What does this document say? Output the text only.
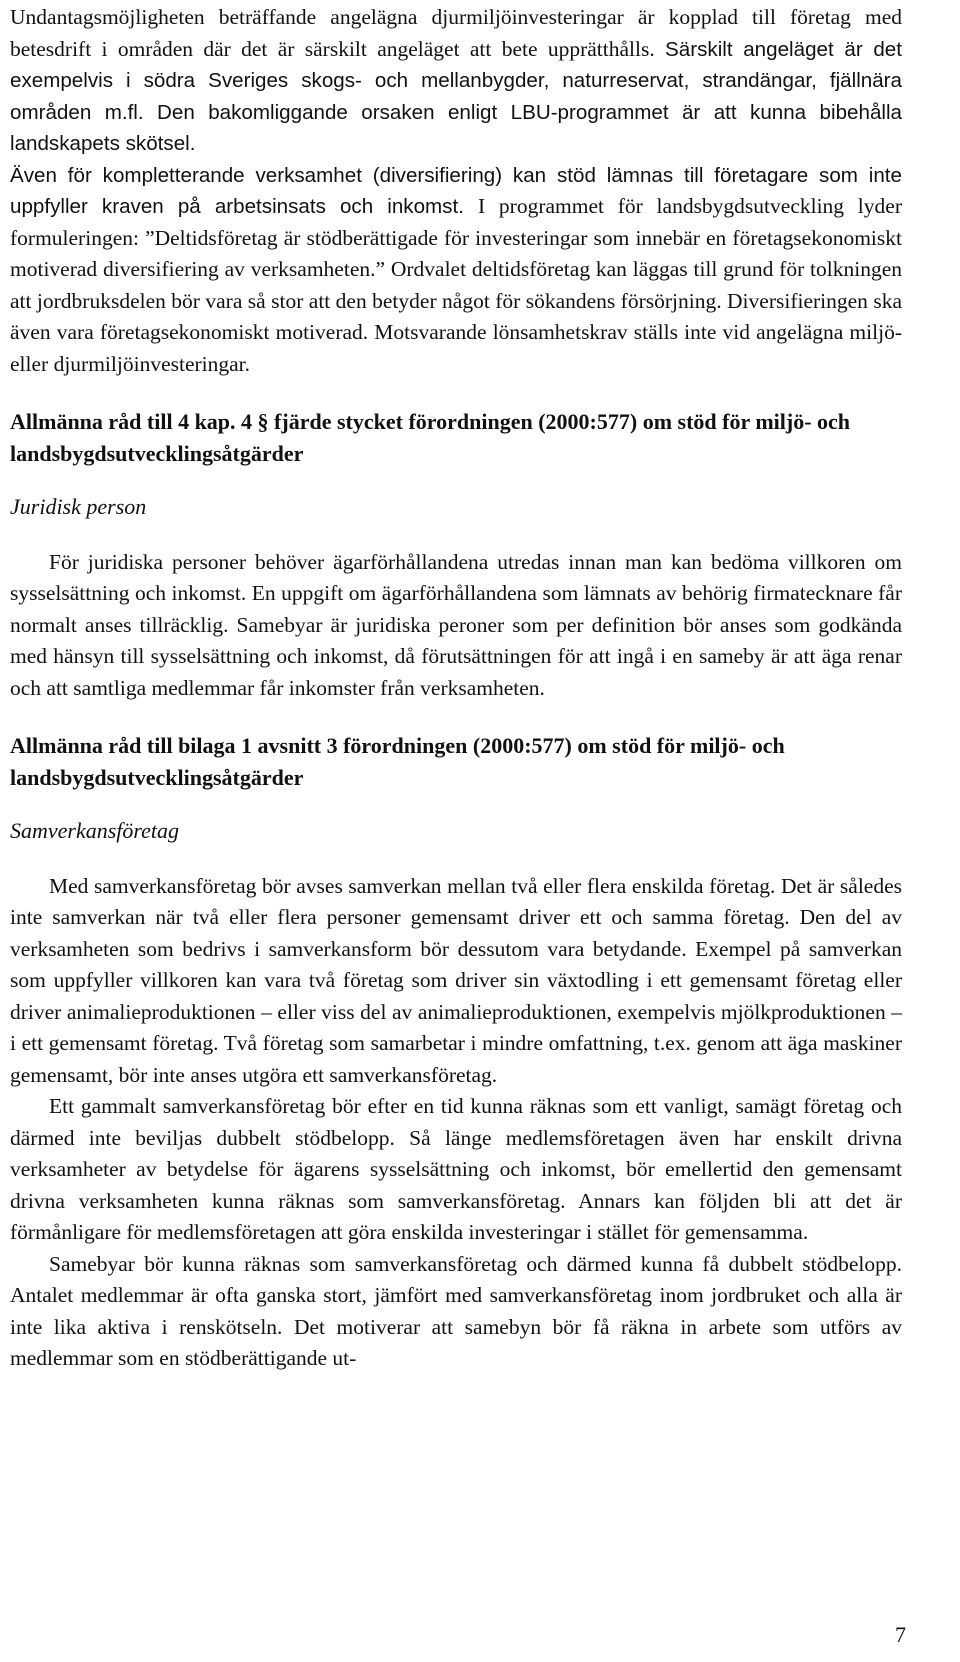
Undantagsmöjligheten beträffande angelägna djurmiljöinvesteringar är kopplad till företag med betesdrift i områden där det är särskilt angeläget att bete upprätthålls. Särskilt angeläget är det exempelvis i södra Sveriges skogs- och mellanbygder, naturreservat, strandängar, fjällnära områden m.fl. Den bakomliggande orsaken enligt LBU-programmet är att kunna bibehålla landskapets skötsel.

Även för kompletterande verksamhet (diversifiering) kan stöd lämnas till företagare som inte uppfyller kraven på arbetsinsats och inkomst. I programmet för landsbygdsutveckling lyder formuleringen: ”Deltidsföretag är stödberättigade för investeringar som innebär en företagsekonomiskt motiverad diversifiering av verksamheten.” Ordvalet deltidsföretag kan läggas till grund för tolkningen att jordbruksdelen bör vara så stor att den betyder något för sökandens försörjning. Diversifieringen ska även vara företagsekonomiskt motiverad. Motsvarande lönsamhetskrav ställs inte vid angelägna miljö- eller djurmiljöinvesteringar.

Allmänna råd till 4 kap. 4 § fjärde stycket förordningen (2000:577) om stöd för miljö- och landsbygdsutvecklingsåtgärder
Juridisk person

För juridiska personer behöver ägarförhållandena utredas innan man kan bedöma villkoren om sysselsättning och inkomst. En uppgift om ägarförhållandena som lämnats av behörig firmatecknare får normalt anses tillräcklig. Samebyar är juridiska peroner som per definition bör anses som godkända med hänsyn till sysselsättning och inkomst, då förutsättningen för att ingå i en sameby är att äga renar och att samtliga medlemmar får inkomster från verksamheten.

Allmänna råd till bilaga 1 avsnitt 3 förordningen (2000:577) om stöd för miljö- och landsbygdsutvecklingsåtgärder
Samverkansföretag

Med samverkansföretag bör avses samverkan mellan två eller flera enskilda företag. Det är således inte samverkan när två eller flera personer gemensamt driver ett och samma företag. Den del av verksamheten som bedrivs i samverkansform bör dessutom vara betydande. Exempel på samverkan som uppfyller villkoren kan vara två företag som driver sin växtodling i ett gemensamt företag eller driver animalieproduktionen – eller viss del av animalieproduktionen, exempelvis mjölkproduktionen – i ett gemensamt företag. Två företag som samarbetar i mindre omfattning, t.ex. genom att äga maskiner gemensamt, bör inte anses utgöra ett samverkansföretag.

Ett gammalt samverkansföretag bör efter en tid kunna räknas som ett vanligt, samägt företag och därmed inte beviljas dubbelt stödbelopp. Så länge medlemsföretagen även har enskilt drivna verksamheter av betydelse för ägarens sysselsättning och inkomst, bör emellertid den gemensamt drivna verksamheten kunna räknas som samverkansföretag. Annars kan följden bli att det är förmånligare för medlemsföretagen att göra enskilda investeringar i stället för gemensamma.

Samebyar bör kunna räknas som samverkansföretag och därmed kunna få dubbelt stödbelopp. Antalet medlemmar är ofta ganska stort, jämfört med samverkansföretag inom jordbruket och alla är inte lika aktiva i renskötseln. Det motiverar att samebyn bör få räkna in arbete som utförs av medlemmar som en stödberättigande ut-

7
